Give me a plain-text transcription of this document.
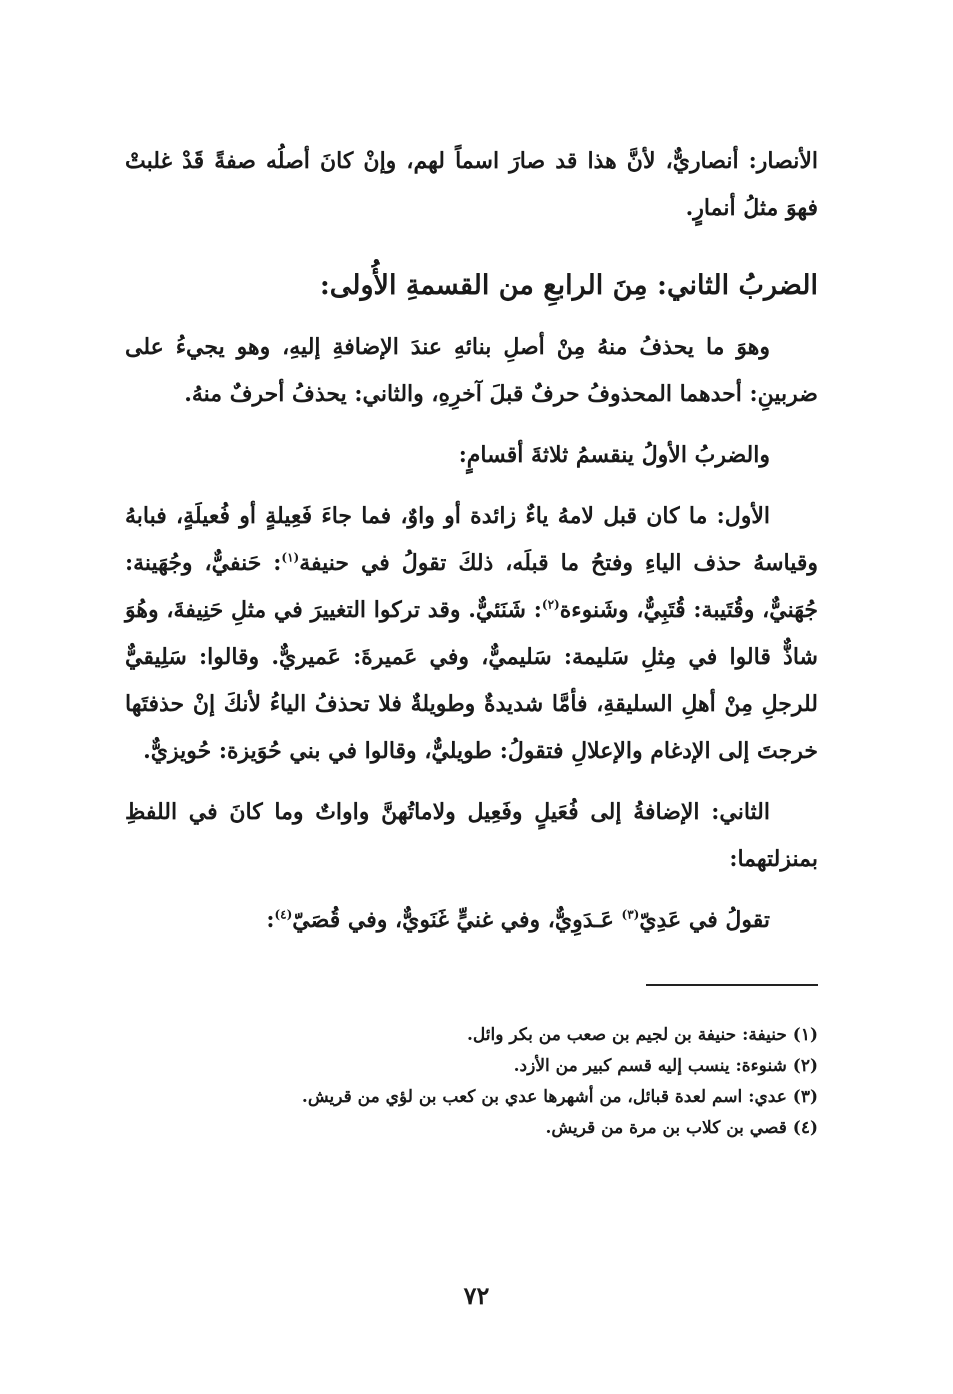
الأنصار: أنصاريٌّ، لأنَّ هذا قد صارَ اسماً لهم، وإنْ كانَ أصلُه صفةً قَدْ غلبتْ فهوَ مثلُ أنمارٍ.

الضربُ الثاني: مِنَ الرابعِ من القسمةِ الأُولى:

وهوَ ما يحذفُ منهُ مِنْ أصلِ بنائهِ عندَ الإضافةِ إليهِ، وهو يجيءُ على ضربينِ: أحدهما المحذوفُ حرفٌ قبلَ آخرِهِ، والثاني: يحذفُ أحرفٌ منهُ.

والضربُ الأولُ ينقسمُ ثلاثةَ أقسامٍ:

الأول: ما كان قبل لامهُ ياءٌ زائدة أو واوٌ، فما جاءَ فَعِيلةٍ أو فُعيلَةٍ، فبابهُ وقياسهُ حذف الياءِ وفتحُ ما قبلَه، ذلكَ تقولُ في حنيفة$^{(١)}$: حَنفيٌّ، وجُهَينة: جُهَنيٌّ، وقُتَيبة: قُتَبِيٌّ، وشَنوءة$^{(٢)}$: شَنَئيٌّ. وقد تركوا التغييرَ في مثلِ حَنِيفةَ، وهُوَ شاذٌّ قالوا في مِثلِ سَليمة: سَليميٌّ، وفي عَميرةَ: عَميريٌّ. وقالوا: سَلِيقيٌّ للرجلِ مِنْ أهلِ السليقةِ، فأمَّا شديدةٌ وطويلةٌ فلا تحذفُ الياءُ لأنكَ إنْ حذفتَها خرجتَ إلى الإدغام والإعلالِ فتقولُ: طويليٌّ، وقالوا في بني حُوَيزة: حُويزيٌّ.

الثاني: الإضافةُ إلى فُعَيلٍ وفَعِيل ولاماتُهنَّ واواتٌ وما كانَ في اللفظِ بمنزلتهما:

تقولُ في عَدِيّ$^{(٣)}$ عَـدَوِيٌّ، وفي غنيٍّ غَنَويٌّ، وفي قُصَيّ$^{(٤)}$:

(١) حنيفة: حنيفة بن لجيم بن صعب من بكر وائل.

(٢) شنوءة: ينسب إليه قسم كبير من الأزد.

(٣) عدي: اسم لعدة قبائل، من أشهرها عدي بن كعب بن لؤي من قريش.

(٤) قصي بن كلاب بن مرة من قريش.

٧٢
